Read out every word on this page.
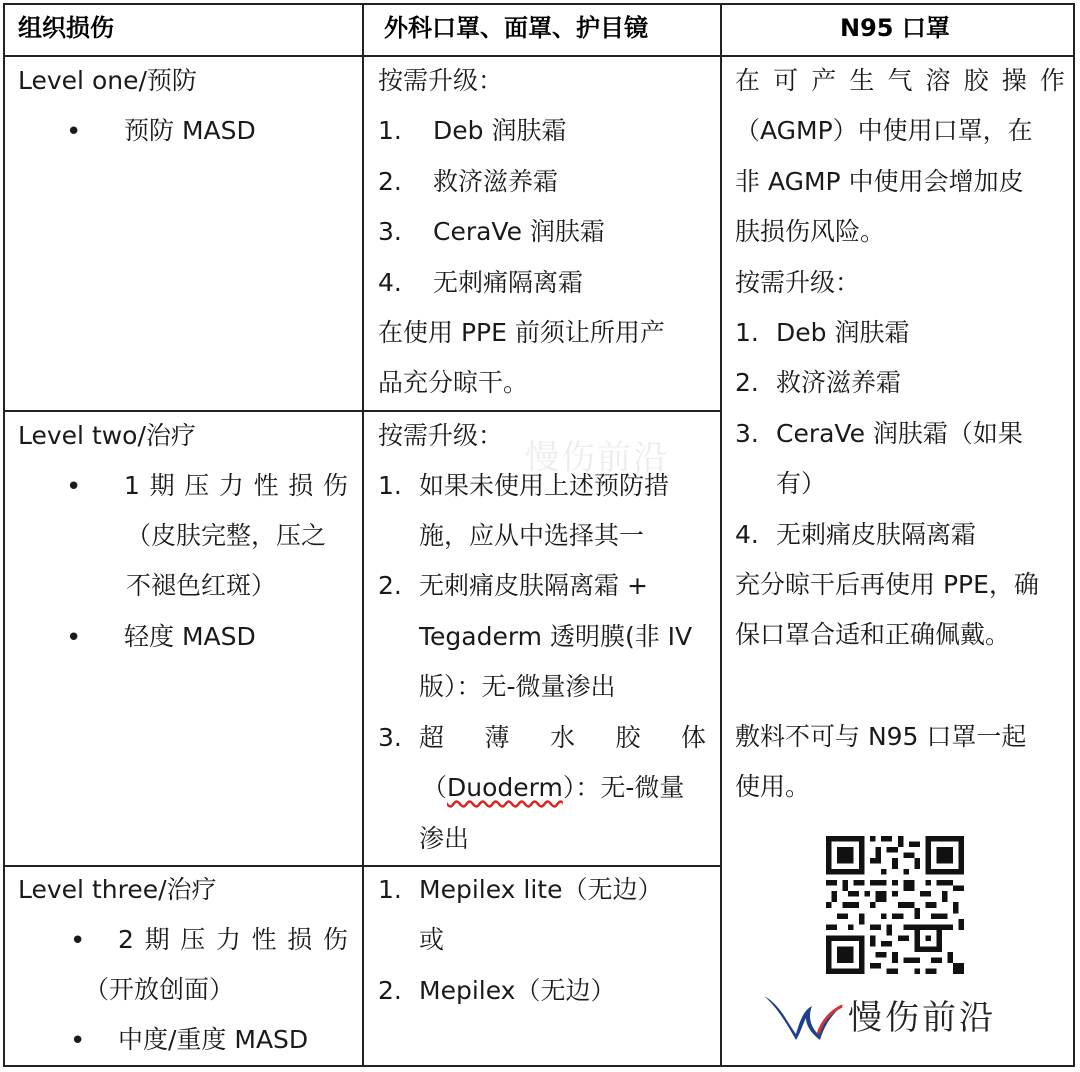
组织损伤	外科口罩、面罩、护目镜	N95 口罩
Level one/预防
• 预防 MASD
按需升级：
1. Deb 润肤霜
2. 救济滋养霜
3. CeraVe 润肤霜
4. 无刺痛隔离霜
在使用 PPE 前须让所用产
品充分晾干。
Level two/治疗
• 1 期 压 力 性 损 伤
（皮肤完整，压之
不褪色红斑）
• 轻度 MASD
按需升级：
1. 如果未使用上述预防措
施，应从中选择其一
2. 无刺痛皮肤隔离霜 +
Tegaderm 透明膜(非 IV
版）：无-微量渗出
3. 超 薄 水 胶 体
（Duoderm）：无-微量
渗出
Level three/治疗
• 2 期 压 力 性 损 伤
（开放创面）
• 中度/重度 MASD
1. Mepilex lite（无边）
或
2. Mepilex（无边）
在 可 产 生 气 溶 胶 操 作
（AGMP）中使用口罩，在
非 AGMP 中使用会增加皮
肤损伤风险。
按需升级：
1. Deb 润肤霜
2. 救济滋养霜
3. CeraVe 润肤霜（如果
有）
4. 无刺痛皮肤隔离霜
充分晾干后再使用 PPE，确
保口罩合适和正确佩戴。
敷料不可与 N95 口罩一起
使用。
慢伤前沿
慢伤前沿
